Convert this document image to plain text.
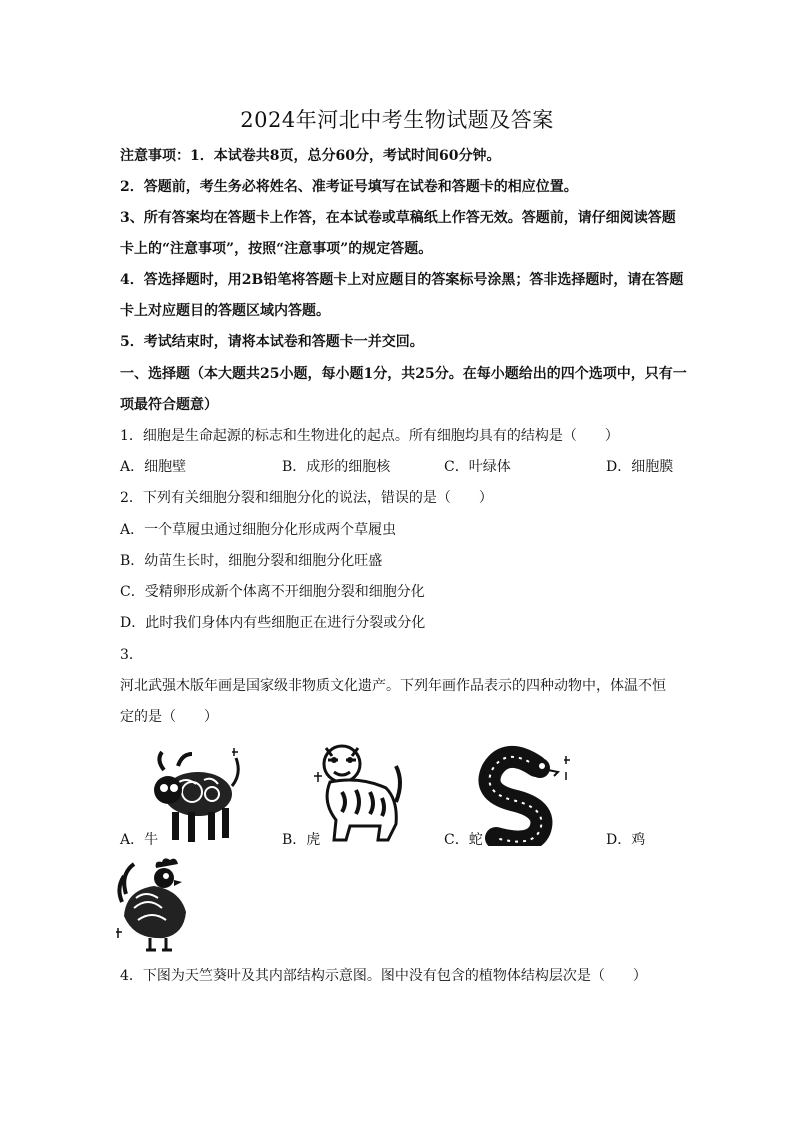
2024年河北中考生物试题及答案
注意事项：1．本试卷共8页，总分60分，考试时间60分钟。
2．答题前，考生务必将姓名、准考证号填写在试卷和答题卡的相应位置。
3、所有答案均在答题卡上作答，在本试卷或草稿纸上作答无效。答题前，请仔细阅读答题
卡上的“注意事项”，按照“注意事项”的规定答题。
4．答选择题时，用2B铅笔将答题卡上对应题目的答案标号涂黑；答非选择题时，请在答题
卡上对应题目的答题区域内答题。
5．考试结束时，请将本试卷和答题卡一并交回。
一、选择题（本大题共25小题，每小题1分，共25分。在每小题给出的四个选项中，只有一
项最符合题意）
1．细胞是生命起源的标志和生物进化的起点。所有细胞均具有的结构是（　　）
A．细胞壁	B．成形的细胞核	C．叶绿体	D．细胞膜
2．下列有关细胞分裂和细胞分化的说法，错误的是（　　）
A．一个草履虫通过细胞分化形成两个草履虫
B．幼苗生长时，细胞分裂和细胞分化旺盛
C．受精卵形成新个体离不开细胞分裂和细胞分化
D．此时我们身体内有些细胞正在进行分裂或分化
3．
河北武强木版年画是国家级非物质文化遗产。下列年画作品表示的四种动物中，体温不恒
定的是（　　）
A．牛	B．虎	C．蛇	D．鸡
4．下图为天竺葵叶及其内部结构示意图。图中没有包含的植物体结构层次是（　　）
